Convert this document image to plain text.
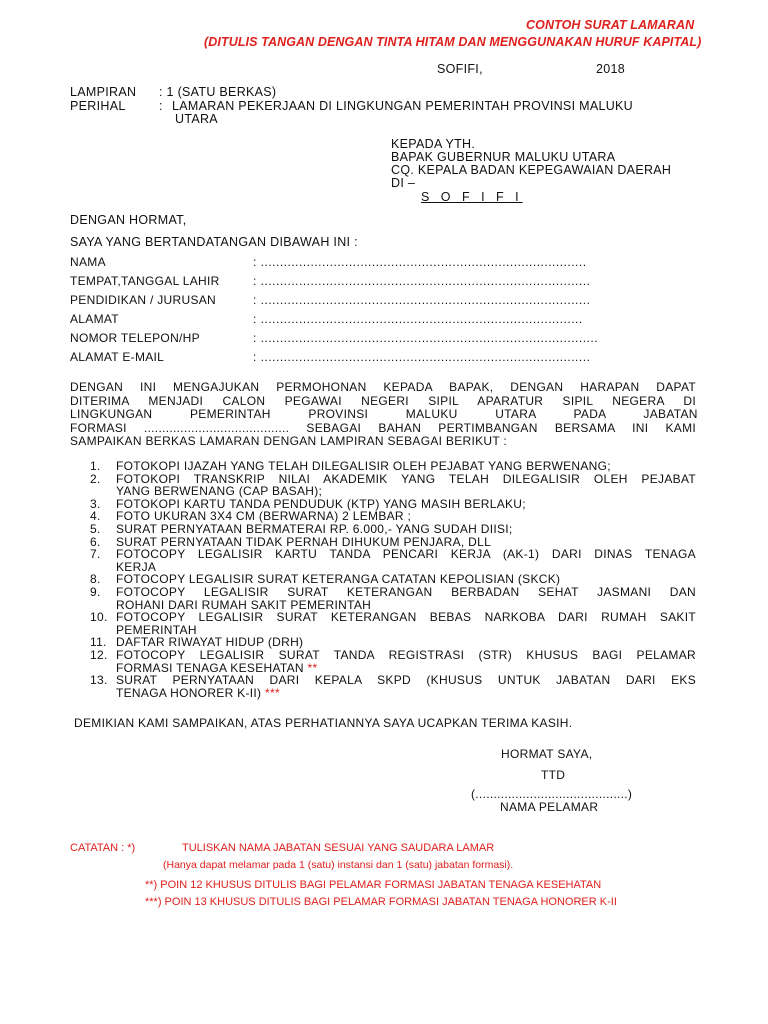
CONTOH SURAT LAMARAN
(DITULIS TANGAN DENGAN TINTA HITAM DAN MENGGUNAKAN HURUF KAPITAL)
SOFIFI,	2018
LAMPIRAN : 1 (SATU BERKAS)
PERIHAL	: LAMARAN PEKERJAAN DI LINGKUNGAN PEMERINTAH PROVINSI MALUKU
UTARA
KEPADA YTH.
BAPAK GUBERNUR MALUKU UTARA
CQ. KEPALA BADAN KEPEGAWAIAN DAERAH
DI –
S O F I F I
DENGAN HORMAT,
SAYA YANG BERTANDATANGAN DIBAWAH INI :
NAMA	: .....................................................................................
TEMPAT,TANGGAL LAHIR	: ......................................................................................
PENDIDIKAN / JURUSAN	: ......................................................................................
ALAMAT	: ....................................................................................
NOMOR TELEPON/HP	: ........................................................................................
ALAMAT E-MAIL	: ......................................................................................
DENGAN INI MENGAJUKAN PERMOHONAN KEPADA BAPAK, DENGAN HARAPAN DAPAT
DITERIMA MENJADI CALON PEGAWAI NEGERI SIPIL APARATUR SIPIL NEGERA DI
LINGKUNGAN PEMERINTAH PROVINSI MALUKU UTARA PADA JABATAN
FORMASI ........................................ SEBAGAI BAHAN PERTIMBANGAN BERSAMA INI KAMI
SAMPAIKAN BERKAS LAMARAN DENGAN LAMPIRAN SEBAGAI BERIKUT :
1.	FOTOKOPI IJAZAH YANG TELAH DILEGALISIR OLEH PEJABAT YANG BERWENANG;
2.	FOTOKOPI TRANSKRIP NILAI AKADEMIK YANG TELAH DILEGALISIR OLEH PEJABAT
YANG BERWENANG (CAP BASAH);
3.	FOTOKOPI KARTU TANDA PENDUDUK (KTP) YANG MASIH BERLAKU;
4.	FOTO UKURAN 3X4 CM (BERWARNA) 2 LEMBAR ;
5.	SURAT PERNYATAAN BERMATERAI RP. 6.000,- YANG SUDAH DIISI;
6.	SURAT PERNYATAAN TIDAK PERNAH DIHUKUM PENJARA, DLL
7.	FOTOCOPY LEGALISIR KARTU TANDA PENCARI KERJA (AK-1) DARI DINAS TENAGA
KERJA
8.	FOTOCOPY LEGALISIR SURAT KETERANGA CATATAN KEPOLISIAN (SKCK)
9.	FOTOCOPY LEGALISIR SURAT KETERANGAN BERBADAN SEHAT JASMANI DAN
ROHANI DARI RUMAH SAKIT PEMERINTAH
10. FOTOCOPY LEGALISIR SURAT KETERANGAN BEBAS NARKOBA DARI RUMAH SAKIT
PEMERINTAH
11. DAFTAR RIWAYAT HIDUP (DRH)
12. FOTOCOPY LEGALISIR SURAT TANDA REGISTRASI (STR) KHUSUS BAGI PELAMAR
FORMASI TENAGA KESEHATAN **
13. SURAT PERNYATAAN DARI KEPALA SKPD (KHUSUS UNTUK JABATAN DARI EKS
TENAGA HONORER K-II) ***
DEMIKIAN KAMI SAMPAIKAN, ATAS PERHATIANNYA SAYA UCAPKAN TERIMA KASIH.
HORMAT SAYA,
TTD
(..........................................)
NAMA PELAMAR
CATATAN : *)	TULISKAN NAMA JABATAN SESUAI YANG SAUDARA LAMAR
(Hanya dapat melamar pada 1 (satu) instansi dan 1 (satu) jabatan formasi).
**) POIN 12 KHUSUS DITULIS BAGI PELAMAR FORMASI JABATAN TENAGA KESEHATAN
***) POIN 13 KHUSUS DITULIS BAGI PELAMAR FORMASI JABATAN TENAGA HONORER K-II
